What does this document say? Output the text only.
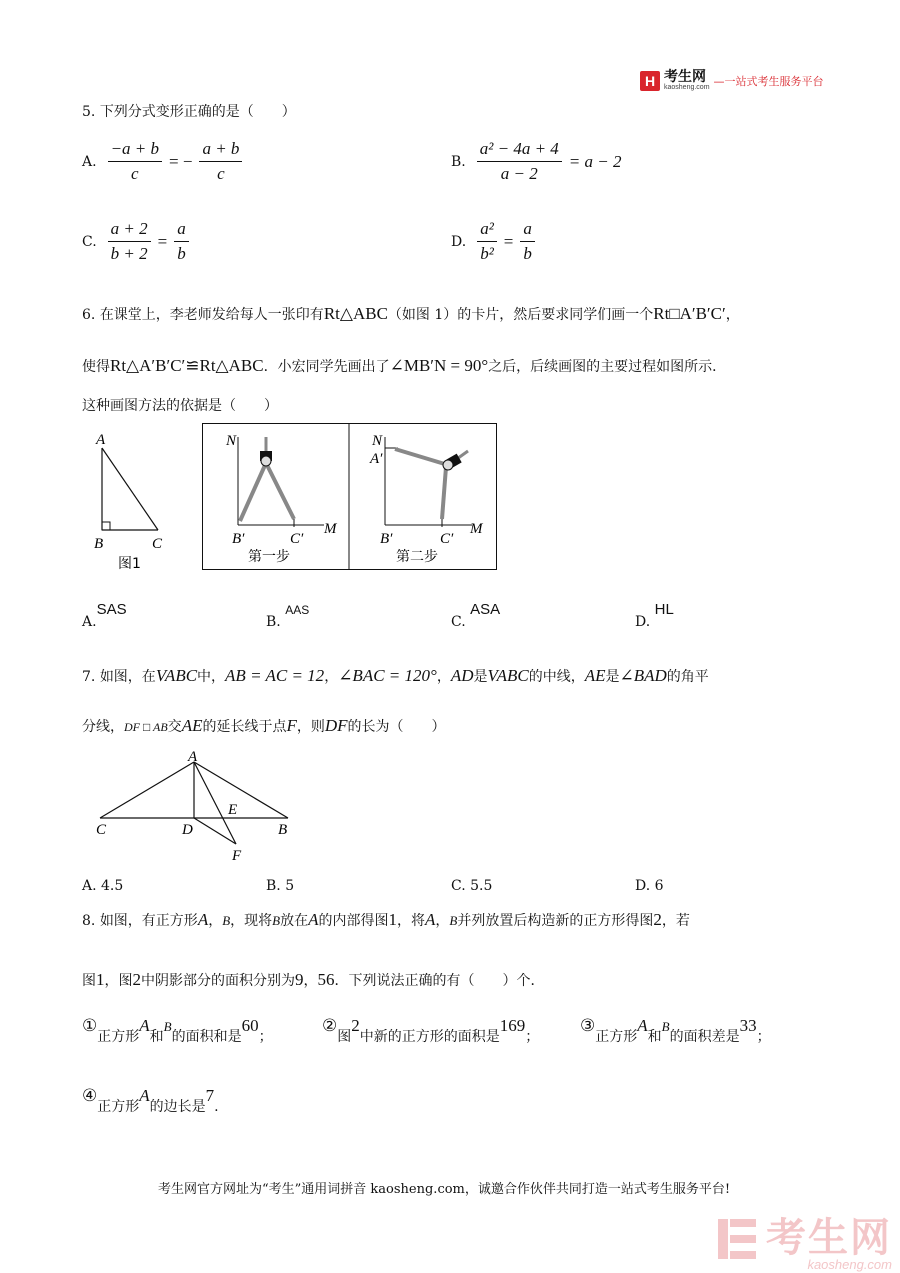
H 考生网
kaosheng.com —一站式考生服务平台
5. 下列分式变形正确的是（　　）
A. $\frac{-a + b}{c}$ = − $\frac{a + b}{c}$	B. $\frac{\text{a² − 4a + 4}}{a - 2} = a - 2$
C. $\frac{a + 2}{b + 2} = \frac{a}{b}$	D. $\frac{\text{a²}}{\text{b²}} = \frac{a}{b}$
6. 在课堂上，李老师发给每人一张印有Rt△ABC（如图 1）的卡片，然后要求同学们画一个Rt□A′B′C′，
使得Rt△A′B′C′≌Rt△ABC．小宏同学先画出了∠MB′N = 90°之后，后续画图的主要过程如图所示．
这种画图方法的依据是（　　）
A
B	C
图1
N
B′	C′
M
第一步
N
A′
B′	C′
M
第二步
A.SAS
B. AAS
C. ASA
D. HL
7. 如图，在VABC中，AB = AC = 12，∠BAC = 120°，AD是VABC的中线，AE是∠BAD的角平
分线，DF □ AB交AE的延长线于点F，则DF的长为（　　）
A
C	D	B
E
F
A. 4.5	B. 5	C. 5.5	D. 6
8. 如图，有正方形A，B，现将B放在A的内部得图1，将A，B并列放置后构造新的正方形得图2，若
图1，图2中阴影部分的面积分别为9，56．下列说法正确的有（　　）个．
①正方形A和B的面积和是60；
②图2中新的正方形的面积是169；
③正方形A和B的面积差是33；
④正方形A的边长是7.
考生网官方网址为“考生”通用词拼音 kaosheng.com，诚邀合作伙伴共同打造一站式考生服务平台!
考生网
kaosheng.com
